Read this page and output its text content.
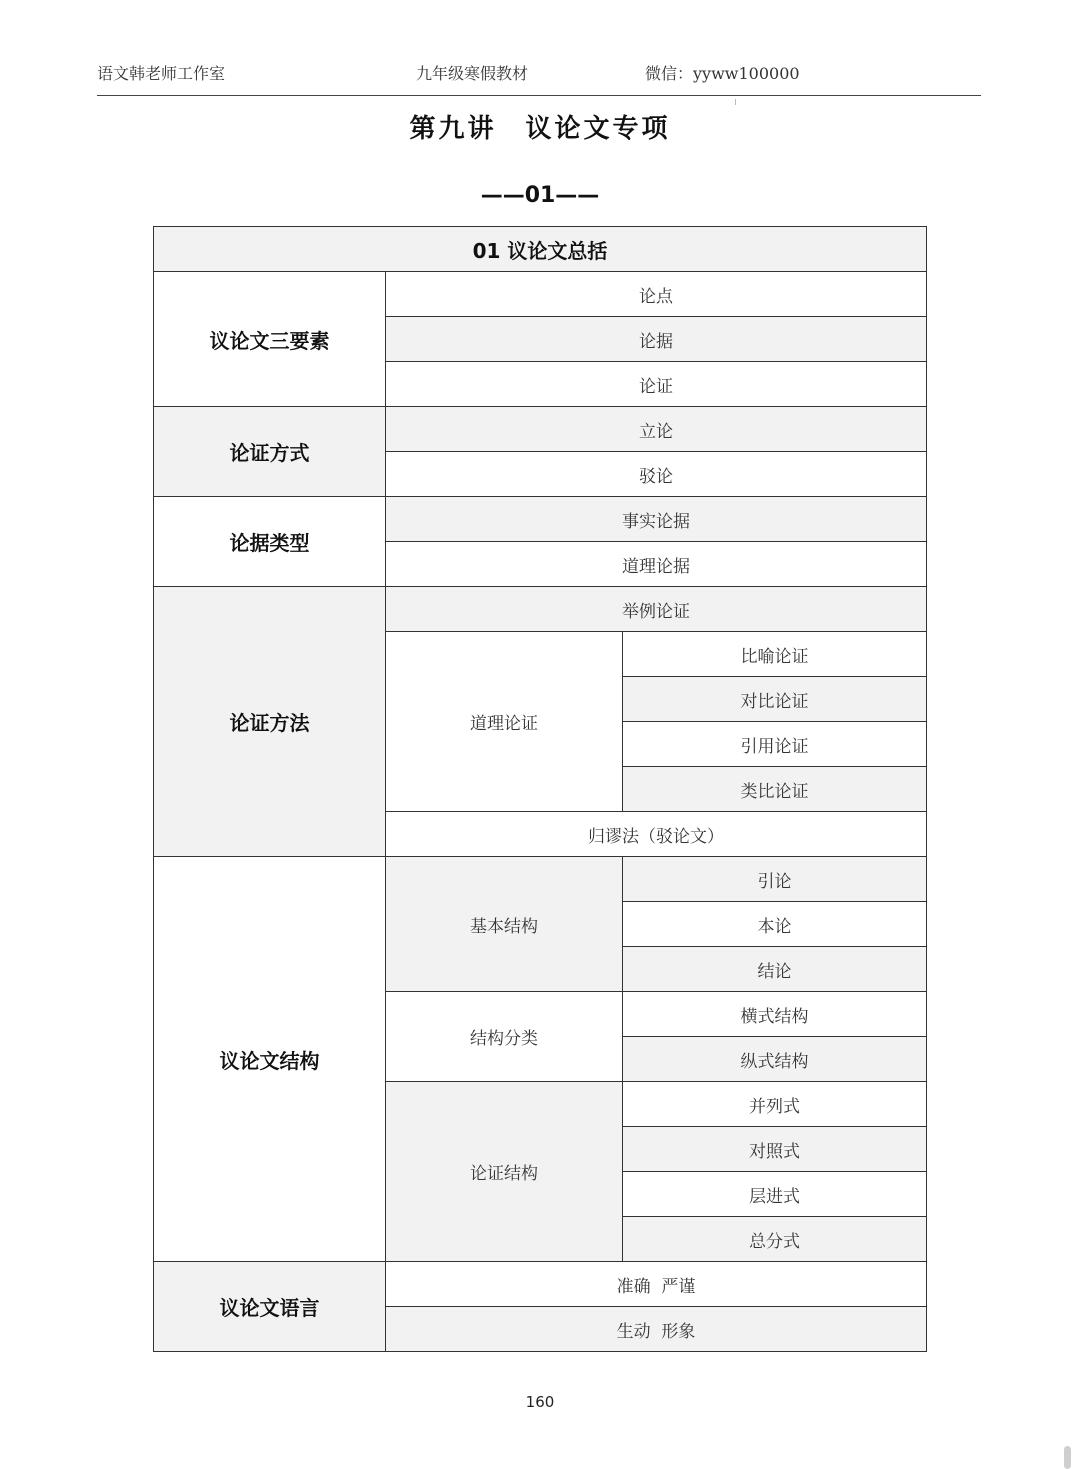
语文韩老师工作室	九年级寒假教材	微信：yyww100000
第九讲　议论文专项
——01——
01 议论文总括		
议论文三要素	论点	
	论据	
	论证	
论证方式	立论	
	驳论	
论据类型	事实论据	
	道理论据	
论证方法	举例论证	
	道理论证	比喻论证
		对比论证
		引用论证
		类比论证
	归谬法（驳论文）	
议论文结构	基本结构	引论
		本论
		结论
	结构分类	横式结构
		纵式结构
	论证结构	并列式
		对照式
		层进式
		总分式
议论文语言	准确  严谨	
	生动  形象	
160
